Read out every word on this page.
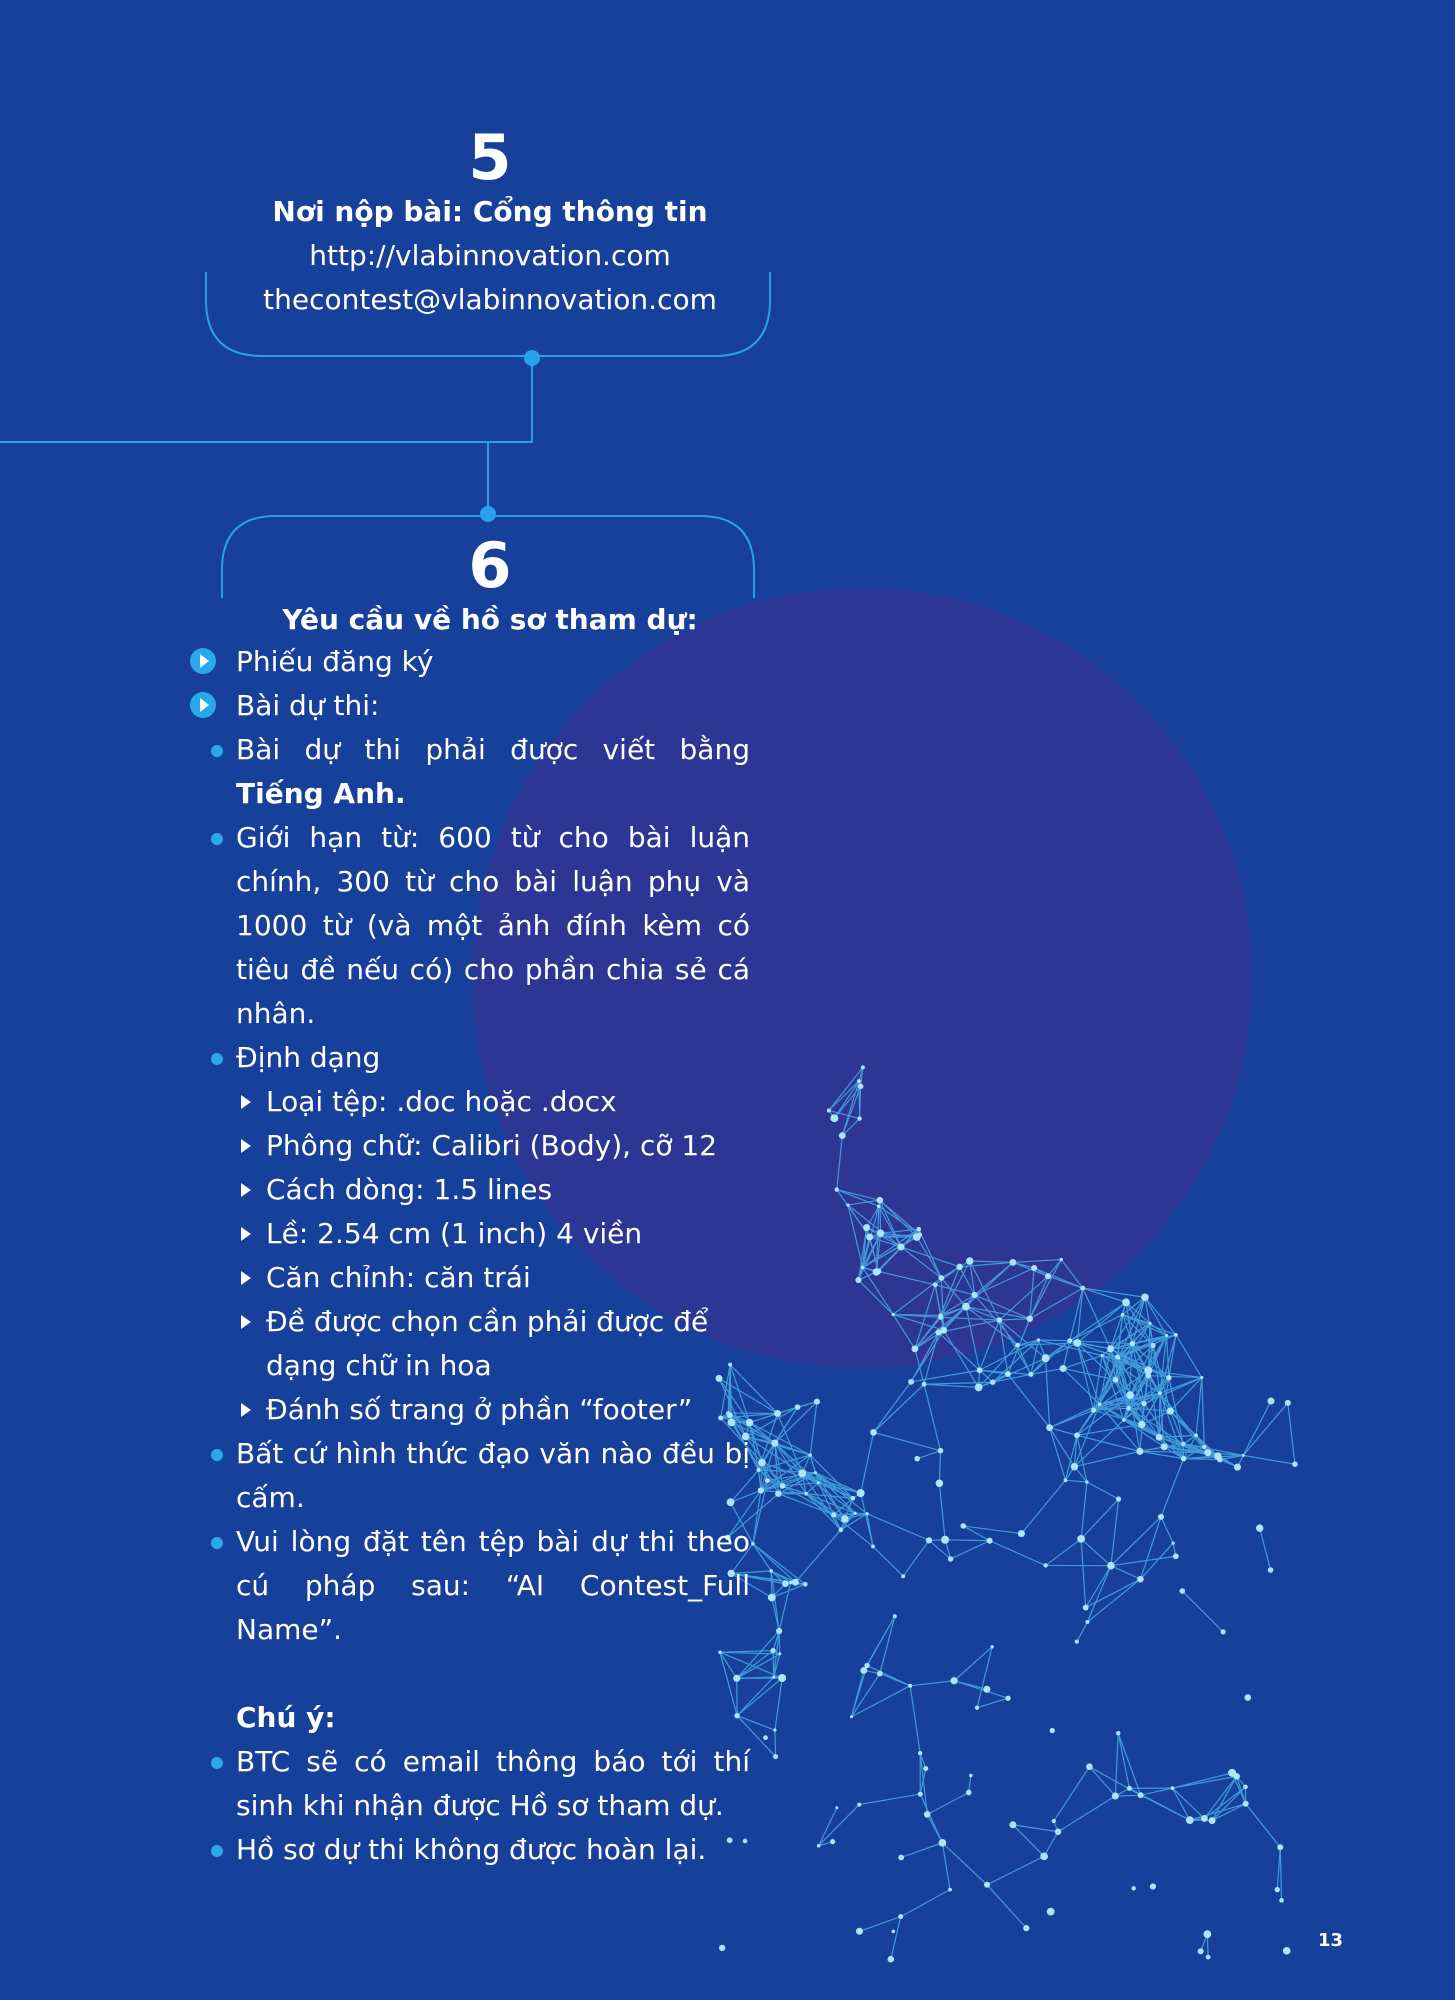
5
Nơi nộp bài: Cổng thông tin
http://vlabinnovation.com
thecontest@vlabinnovation.com
6
Yêu cầu về hồ sơ tham dự:
Phiếu đăng ký
Bài dự thi:
Bài dự thi phải được viết bằng Tiếng Anh.
Giới hạn từ: 600 từ cho bài luận chính, 300 từ cho bài luận phụ và 1000 từ (và một ảnh đính kèm có tiêu đề nếu có) cho phần chia sẻ cá nhân.
Định dạng
Loại tệp: .doc hoặc .docx
Phông chữ: Calibri (Body), cỡ 12
Cách dòng: 1.5 lines
Lề: 2.54 cm (1 inch) 4 viền
Căn chỉnh: căn trái
Đề được chọn cần phải được để dạng chữ in hoa
Đánh số trang ở phần “footer”
Bất cứ hình thức đạo văn nào đều bị cấm.
Vui lòng đặt tên tệp bài dự thi theo cú pháp sau: “AI Contest_Full Name”.
Chú ý:
BTC sẽ có email thông báo tới thí sinh khi nhận được Hồ sơ tham dự.
Hồ sơ dự thi không được hoàn lại.
13
